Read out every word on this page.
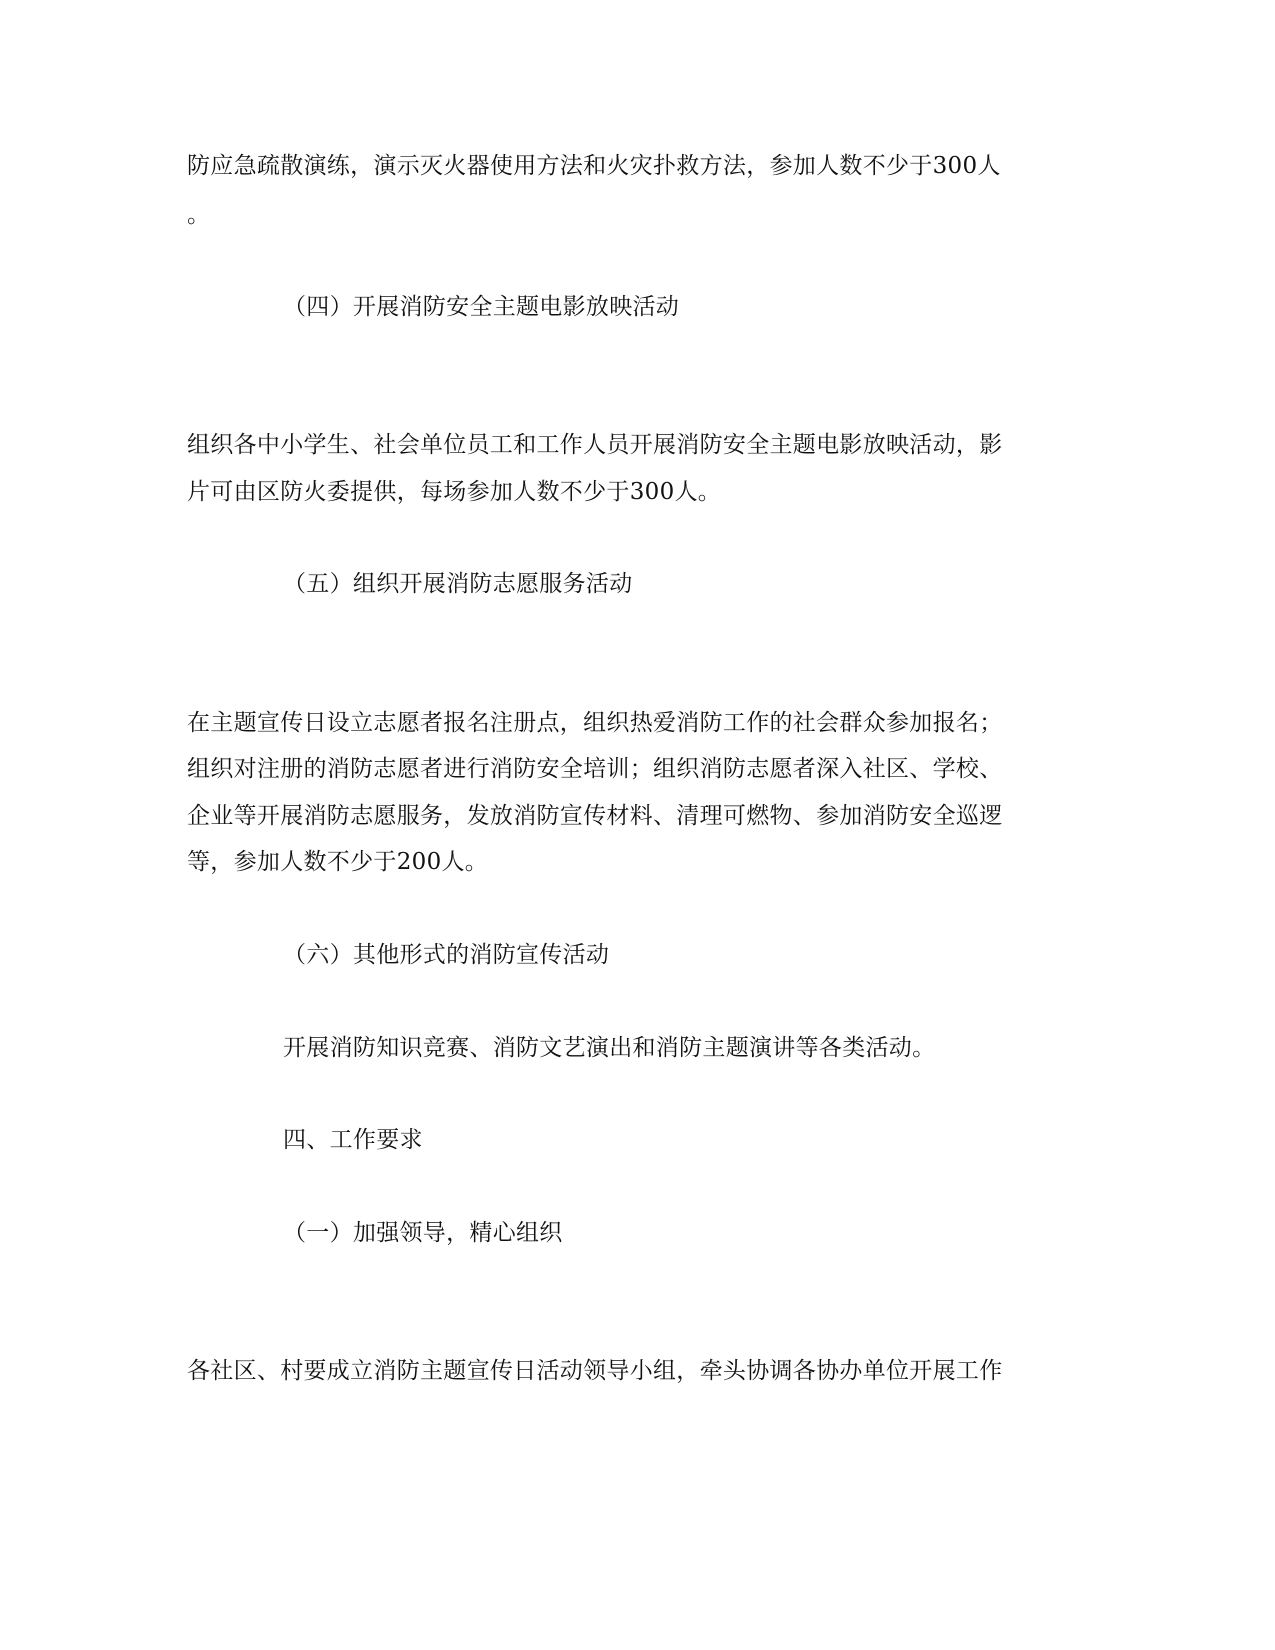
防应急疏散演练，演示灭火器使用方法和火灾扑救方法，参加人数不少于300人
。
（四）开展消防安全主题电影放映活动
组织各中小学生、社会单位员工和工作人员开展消防安全主题电影放映活动，影
片可由区防火委提供，每场参加人数不少于300人。
（五）组织开展消防志愿服务活动
在主题宣传日设立志愿者报名注册点，组织热爱消防工作的社会群众参加报名；
组织对注册的消防志愿者进行消防安全培训；组织消防志愿者深入社区、学校、
企业等开展消防志愿服务，发放消防宣传材料、清理可燃物、参加消防安全巡逻
等，参加人数不少于200人。
（六）其他形式的消防宣传活动
开展消防知识竞赛、消防文艺演出和消防主题演讲等各类活动。
四、工作要求
（一）加强领导，精心组织
各社区、村要成立消防主题宣传日活动领导小组，牵头协调各协办单位开展工作
